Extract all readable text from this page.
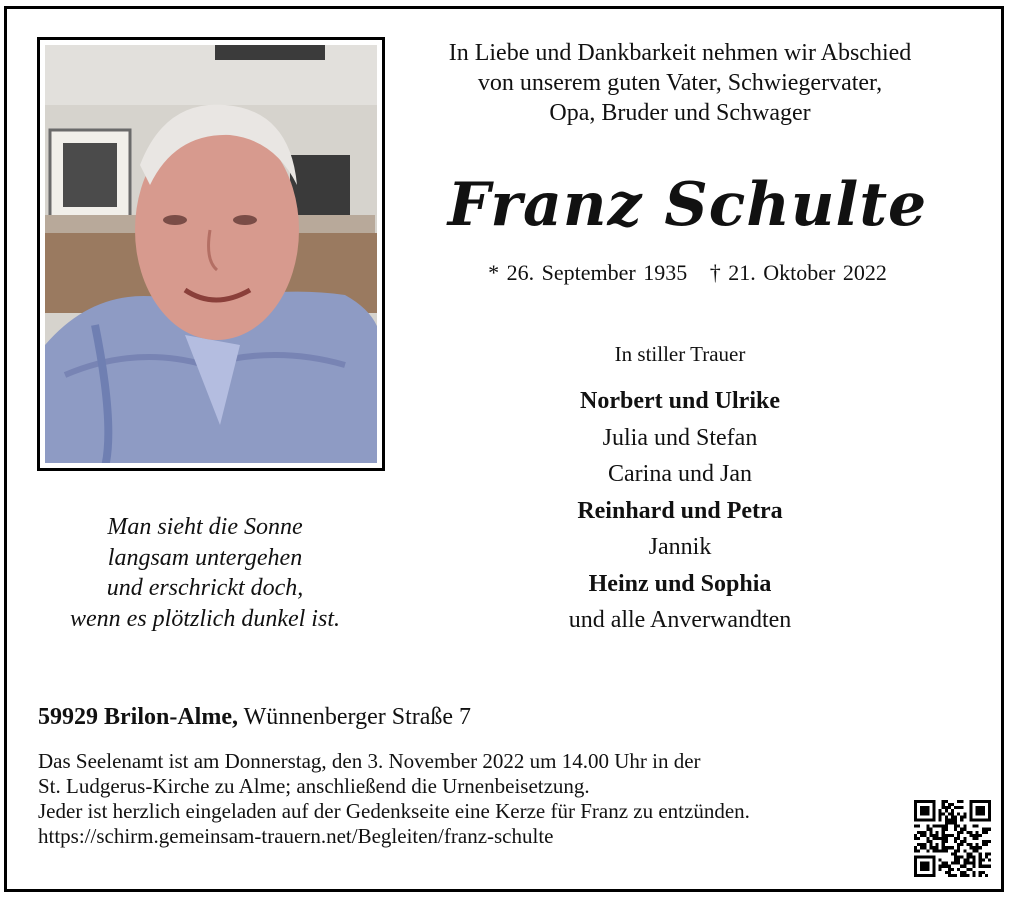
In Liebe und Dankbarkeit nehmen wir Abschied
von unserem guten Vater, Schwiegervater,
Opa, Bruder und Schwager
Franz Schulte
* 26. September 1935 † 21. Oktober 2022
In stiller Trauer
Norbert und Ulrike
Julia und Stefan
Carina und Jan
Reinhard und Petra
Jannik
Heinz und Sophia
und alle Anverwandten
Man sieht die Sonne
langsam untergehen
und erschrickt doch,
wenn es plötzlich dunkel ist.
59929 Brilon-Alme, Wünnenberger Straße 7
Das Seelenamt ist am Donnerstag, den 3. November 2022 um 14.00 Uhr in der
St. Ludgerus-Kirche zu Alme; anschließend die Urnenbeisetzung.
Jeder ist herzlich eingeladen auf der Gedenkseite eine Kerze für Franz zu entzünden.
https://schirm.gemeinsam-trauern.net/Begleiten/franz-schulte
